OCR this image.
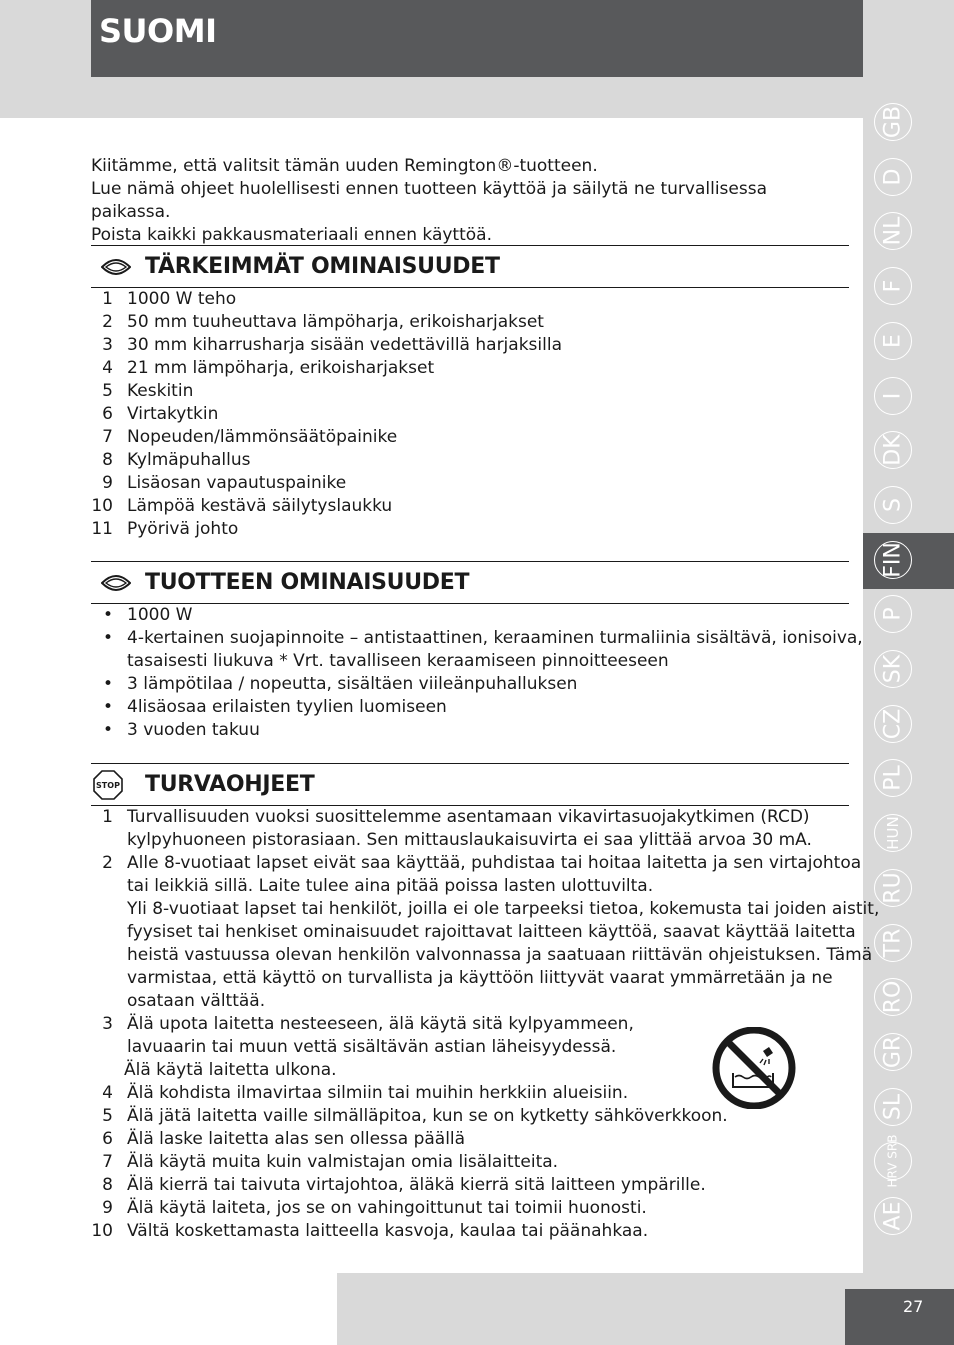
SUOMI
GB
D
NL
F
E
I
DK
S
FIN
P
SK
CZ
PL
HUN
RU
TR
RO
GR
SL
HRV SRB
AE

Kiitämme, että valitsit tämän uuden Remington®-tuotteen.

Lue nämä ohjeet huolellisesti ennen tuotteen käyttöä ja säilytä ne turvallisessa paikassa.

Poista kaikki pakkausmateriaali ennen käyttöä.

TÄRKEIMMÄT OMINAISUUDET
1 1000 W teho
2 50 mm tuuheuttava lämpöharja, erikoisharjakset
3 30 mm kiharrusharja sisään vedettävillä harjaksilla
4 21 mm lämpöharja, erikoisharjakset
5 Keskitin
6 Virtakytkin
7 Nopeuden/lämmönsäätöpainike
8 Kylmäpuhallus
9 Lisäosan vapautuspainike
10 Lämpöä kestävä säilytyslaukku
11 Pyörivä johto
TUOTTEEN OMINAISUUDET
• 1000 W
• 4-kertainen suojapinnoite – antistaattinen, keraaminen turmaliinia sisältävä, ionisoiva,
tasaisesti liukuva * Vrt. tavalliseen keraamiseen pinnoitteeseen
• 3 lämpötilaa / nopeutta, sisältäen viileänpuhalluksen
• 4lisäosaa erilaisten tyylien luomiseen
• 3 vuoden takuu
STOP TURVAOHJEET
1 Turvallisuuden vuoksi suosittelemme asentamaan vikavirtasuojakytkimen (RCD)
kylpyhuoneen pistorasiaan. Sen mittauslaukaisuvirta ei saa ylittää arvoa 30 mA.
2 Alle 8-vuotiaat lapset eivät saa käyttää, puhdistaa tai hoitaa laitetta ja sen virtajohtoa
tai leikkiä sillä. Laite tulee aina pitää poissa lasten ulottuvilta.
Yli 8-vuotiaat lapset tai henkilöt, joilla ei ole tarpeeksi tietoa, kokemusta tai joiden aistit,
fyysiset tai henkiset ominaisuudet rajoittavat laitteen käyttöä, saavat käyttää laitetta
heistä vastuussa olevan henkilön valvonnassa ja saatuaan riittävän ohjeistuksen. Tämä
varmistaa, että käyttö on turvallista ja käyttöön liittyvät vaarat ymmärretään ja ne
osataan välttää.
3 Älä upota laitetta nesteeseen, älä käytä sitä kylpyammeen,
lavuaarin tai muun vettä sisältävän astian läheisyydessä.
Älä käytä laitetta ulkona.
4 Älä kohdista ilmavirtaa silmiin tai muihin herkkiin alueisiin.
5 Älä jätä laitetta vaille silmälläpitoa, kun se on kytketty sähköverkkoon.
6 Älä laske laitetta alas sen ollessa päällä
7 Älä käytä muita kuin valmistajan omia lisälaitteita.
8 Älä kierrä tai taivuta virtajohtoa, äläkä kierrä sitä laitteen ympärille.
9 Älä käytä laiteta, jos se on vahingoittunut tai toimii huonosti.
10 Vältä koskettamasta laitteella kasvoja, kaulaa tai päänahkaa.
27
